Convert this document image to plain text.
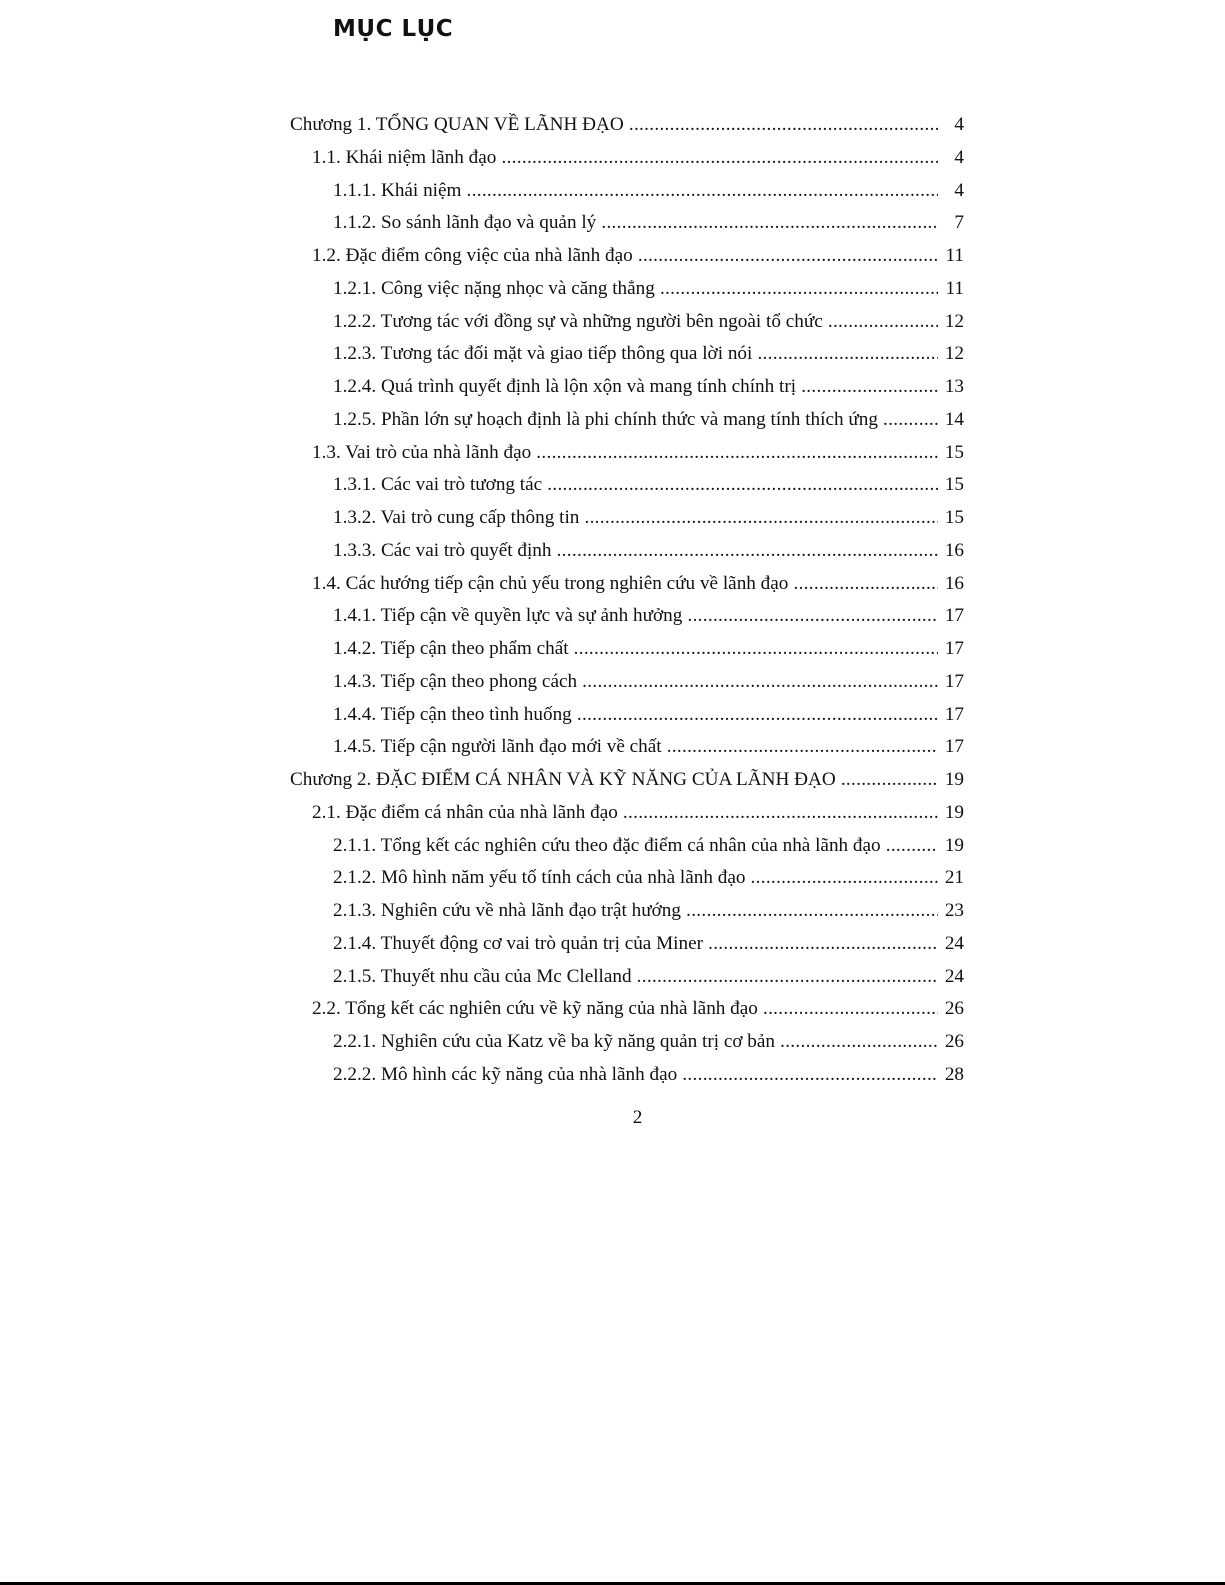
MỤC LỤC
Chương 1. TỔNG QUAN VỀ LÃNH ĐẠO .....	4
1.1. Khái niệm lãnh đạo .....	4
1.1.1. Khái niệm .....	4
1.1.2. So sánh lãnh đạo và quản lý .....	7
1.2. Đặc điểm công việc của nhà lãnh đạo .....	11
1.2.1. Công việc nặng nhọc và căng thẳng .....	11
1.2.2. Tương tác với đồng sự và những người bên ngoài tổ chức .....	12
1.2.3. Tương tác đối mặt và giao tiếp thông qua lời nói .....	12
1.2.4. Quá trình quyết định là lộn xộn và mang tính chính trị .....	13
1.2.5. Phần lớn sự hoạch định là phi chính thức và mang tính thích ứng .....	14
1.3. Vai trò của nhà lãnh đạo .....	15
1.3.1. Các vai trò tương tác .....	15
1.3.2. Vai trò cung cấp thông tin .....	15
1.3.3. Các vai trò quyết định .....	16
1.4. Các hướng tiếp cận chủ yếu trong nghiên cứu về lãnh đạo .....	16
1.4.1. Tiếp cận về quyền lực và sự ảnh hưởng .....	17
1.4.2. Tiếp cận theo phẩm chất .....	17
1.4.3. Tiếp cận theo phong cách .....	17
1.4.4. Tiếp cận theo tình huống .....	17
1.4.5. Tiếp cận người lãnh đạo mới về chất .....	17
Chương 2. ĐẶC ĐIỂM CÁ NHÂN VÀ KỸ NĂNG CỦA LÃNH ĐẠO .....	19
2.1. Đặc điểm cá nhân của nhà lãnh đạo .....	19
2.1.1. Tổng kết các nghiên cứu theo đặc điểm cá nhân của nhà lãnh đạo .....	19
2.1.2. Mô hình năm yếu tố tính cách của nhà lãnh đạo .....	21
2.1.3. Nghiên cứu về nhà lãnh đạo trật hướng .....	23
2.1.4. Thuyết động cơ vai trò quản trị của Miner .....	24
2.1.5. Thuyết nhu cầu của Mc Clelland .....	24
2.2. Tổng kết các nghiên cứu về kỹ năng của nhà lãnh đạo .....	26
2.2.1. Nghiên cứu của Katz về ba kỹ năng quản trị cơ bản .....	26
2.2.2. Mô hình các kỹ năng của nhà lãnh đạo .....	28

2
